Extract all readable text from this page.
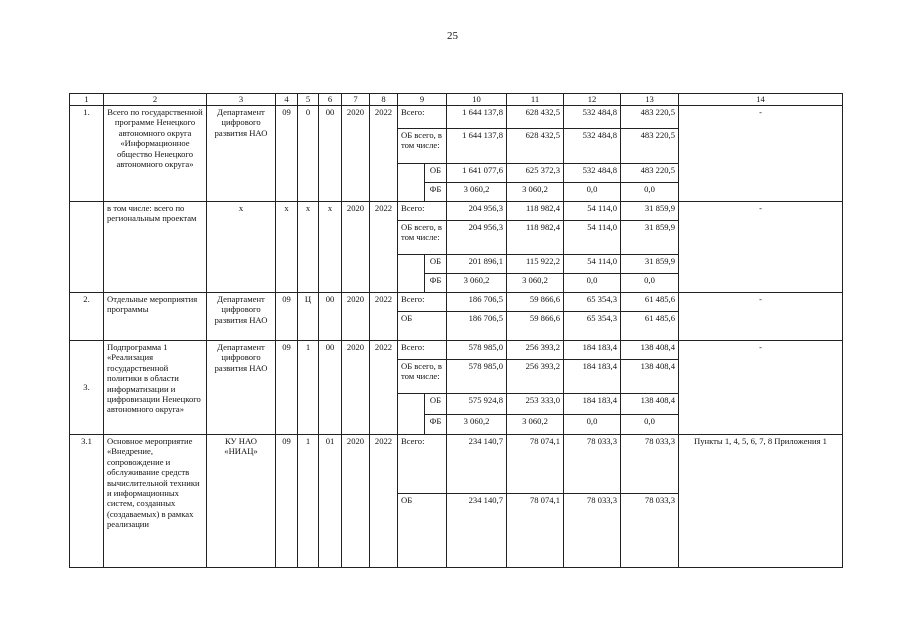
25
1	2	3	4	5	6	7	8	9		10	11	12	13	14
1.	Всего по государственной программе Ненецкого автономного округа «Информационное общество Ненецкого автономного округа»	Департамент цифрового развития НАО	09	0	00	2020	2022	Всего:		1 644 137,8	628 432,5	532 484,8	483 220,5	-
								ОБ всего, в том числе:		1 644 137,8	628 432,5	532 484,8	483 220,5	
									ОБ	1 641 077,6	625 372,3	532 484,8	483 220,5	
									ФБ	3 060,2	3 060,2	0,0	0,0	
	в том числе: всего по региональным проектам	х	х	х	х	2020	2022	Всего:		204 956,3	118 982,4	54 114,0	31 859,9	-
								ОБ всего, в том числе:		204 956,3	118 982,4	54 114,0	31 859,9	
									ОБ	201 896,1	115 922,2	54 114,0	31 859,9	
									ФБ	3 060,2	3 060,2	0,0	0,0	
2.	Отдельные мероприятия программы	Департамент цифрового развития НАО	09	Ц	00	2020	2022	Всего:		186 706,5	59 866,6	65 354,3	61 485,6	-
								ОБ		186 706,5	59 866,6	65 354,3	61 485,6	
3.	Подпрограмма 1 «Реализация государственной политики в области информатизации и цифровизации Ненецкого автономного округа»	Департамент цифрового развития НАО	09	1	00	2020	2022	Всего:		578 985,0	256 393,2	184 183,4	138 408,4	-
								ОБ всего, в том числе:		578 985,0	256 393,2	184 183,4	138 408,4	
									ОБ	575 924,8	253 333,0	184 183,4	138 408,4	
									ФБ	3 060,2	3 060,2	0,0	0,0	
3.1	Основное мероприятие «Внедрение, сопровождение и обслуживание средств вычислительной техники и информационных систем, созданных (создаваемых) в рамках реализации	КУ НАО «НИАЦ»	09	1	01	2020	2022	Всего:		234 140,7	78 074,1	78 033,3	78 033,3	Пункты 1, 4, 5, 6, 7, 8 Приложения 1
								ОБ		234 140,7	78 074,1	78 033,3	78 033,3	
